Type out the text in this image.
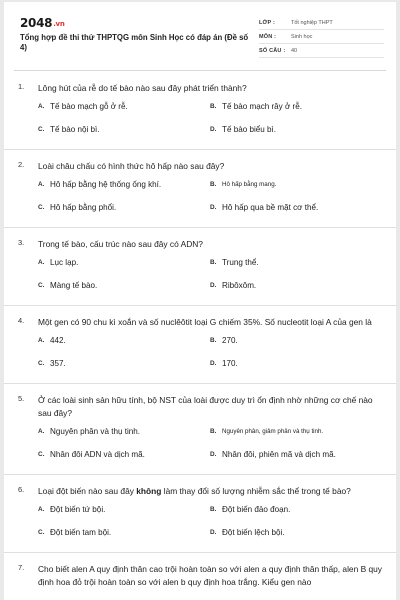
2048.vn
Tổng hợp đề thi thử THPTQG môn Sinh Học có đáp án (Đề số 4)
LỚP :	Tốt nghiệp THPT
MÔN :	Sinh học
SỐ CÂU :	40
1.	Lông hút của rễ do tế bào nào sau đây phát triển thành?
A. Tế bào mạch gỗ ở rễ.	B. Tế bào mạch rây ở rễ.
C. Tế bào nội bì.	D. Tế bào biểu bì.
2.	Loài châu chấu có hình thức hô hấp nào sau đây?
A. Hô hấp bằng hệ thống ống khí.	B. Hô hấp bằng mang.
C. Hô hấp bằng phổi.	D. Hô hấp qua bề mặt cơ thể.
3.	Trong tế bào, cấu trúc nào sau đây có ADN?
A. Lục lạp.	B. Trung thể.
C. Màng tế bào.	D. Ribôxôm.
4.	Một gen có 90 chu kì xoắn và số nuclêôtit loại G chiếm 35%. Số nucleotit loại A của gen là
A. 442.	B. 270.
C. 357.	D. 170.
5.	Ở các loài sinh sản hữu tính, bộ NST của loài được duy trì ổn định nhờ những cơ chế nào sau đây?
A. Nguyên phân và thụ tinh.	B. Nguyên phân, giảm phân và thụ tinh.
C. Nhân đôi ADN và dịch mã.	D. Nhân đôi, phiên mã và dịch mã.
6.	Loại đột biến nào sau đây không làm thay đổi số lượng nhiễm sắc thể trong tế bào?
A. Đột biến tứ bội.	B. Đột biến đảo đoạn.
C. Đột biến tam bội.	D. Đột biến lệch bội.
7.	Cho biết alen A quy định thân cao trội hoàn toàn so với alen a quy định thân thấp, alen B quy định hoa đỏ trội hoàn toàn so với alen b quy định hoa trắng. Kiểu gen nào
